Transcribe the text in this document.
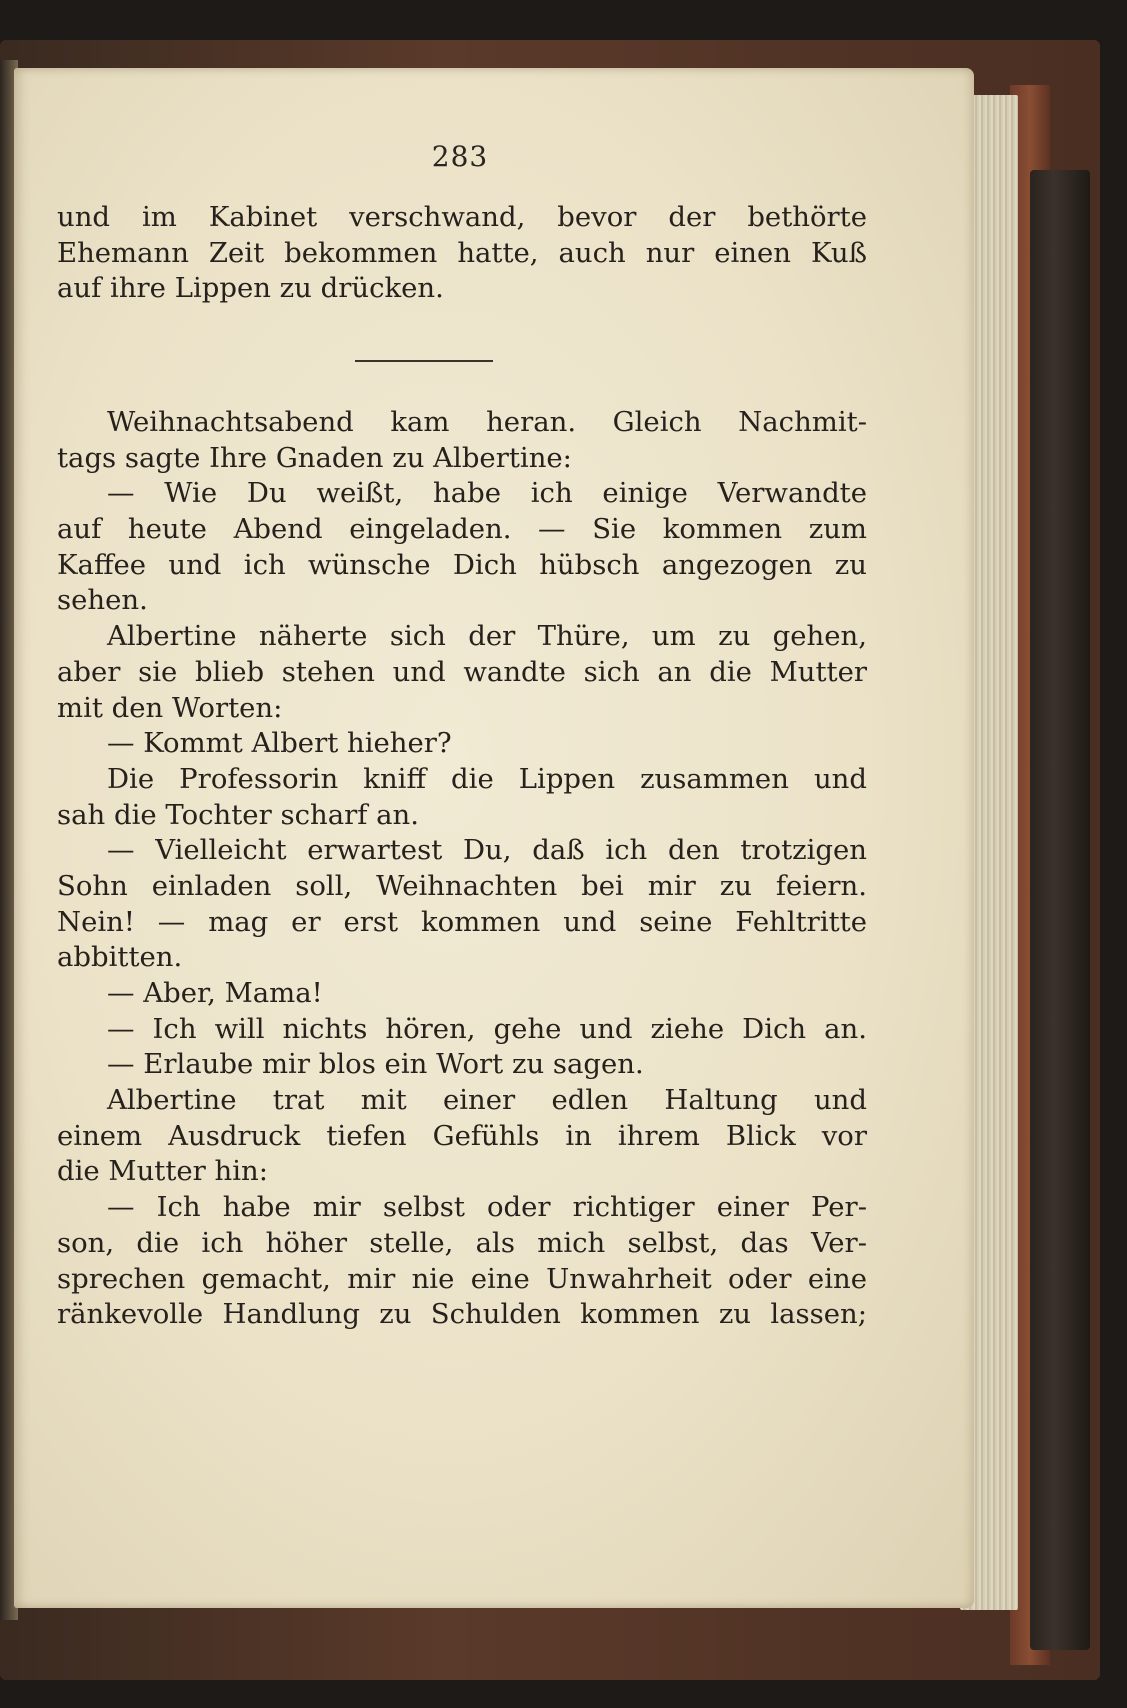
283
und im Kabinet verschwand, bevor der bethörte
Ehemann Zeit bekommen hatte, auch nur einen Kuß
auf ihre Lippen zu drücken.
Weihnachtsabend kam heran. Gleich Nachmit-
tags sagte Ihre Gnaden zu Albertine:
— Wie Du weißt, habe ich einige Verwandte
auf heute Abend eingeladen. — Sie kommen zum
Kaffee und ich wünsche Dich hübsch angezogen zu
sehen.
Albertine näherte sich der Thüre, um zu gehen,
aber sie blieb stehen und wandte sich an die Mutter
mit den Worten:
— Kommt Albert hieher?
Die Professorin kniff die Lippen zusammen und
sah die Tochter scharf an.
— Vielleicht erwartest Du, daß ich den trotzigen
Sohn einladen soll, Weihnachten bei mir zu feiern.
Nein! — mag er erst kommen und seine Fehltritte
abbitten.
— Aber, Mama!
— Ich will nichts hören, gehe und ziehe Dich an.
— Erlaube mir blos ein Wort zu sagen.
Albertine trat mit einer edlen Haltung und
einem Ausdruck tiefen Gefühls in ihrem Blick vor
die Mutter hin:
— Ich habe mir selbst oder richtiger einer Per-
son, die ich höher stelle, als mich selbst, das Ver-
sprechen gemacht, mir nie eine Unwahrheit oder eine
ränkevolle Handlung zu Schulden kommen zu lassen;
